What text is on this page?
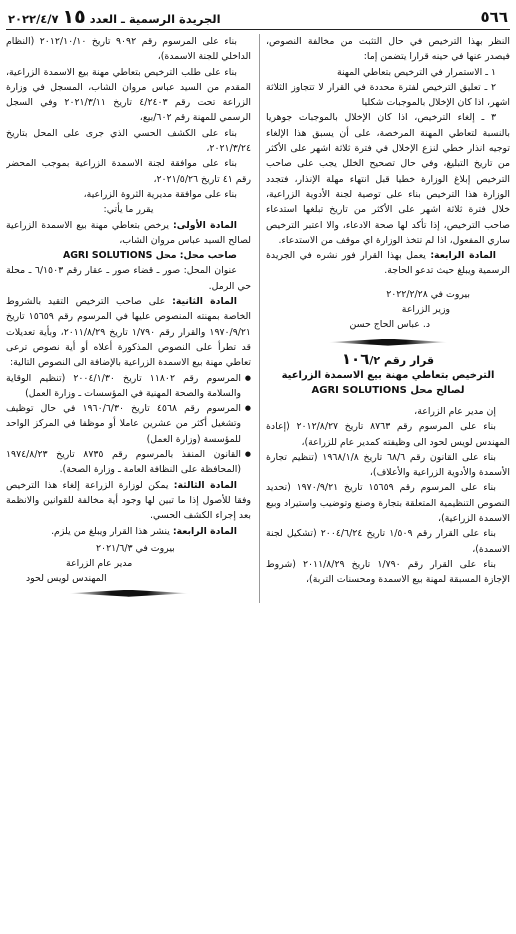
٥٦٦
الجريدة الرسمية ـ العدد
١٥
٢٠٢٢/٤/٧

النظر بهذا الترخيص في حال التثبت من مخالفة النصوص، فيصدر عنها في حينه قرارا يتضمن إما:

١ ـ الاستمرار في الترخيص بتعاطي المهنة

٢ ـ تعليق الترخيص لفترة محددة في القرار لا تتجاوز الثلاثة اشهر، اذا كان الإخلال بالموجبات شكليا

٣ ـ إلغاء الترخيص، اذا كان الإخلال بالموجبات جوهريا بالنسبة لتعاطي المهنة المرخصة، على أن يسبق هذا الإلغاء توجيه انذار خطي لنزع الإخلال في فترة ثلاثة اشهر على الأكثر من تاريخ التبليغ، وفي حال تصحيح الخلل يجب على صاحب الترخيص إبلاغ الوزارة خطيا قبل انتهاء مهلة الإنذار، فتجدد الوزارة هذا الترخيص بناء على توصية لجنة الأدوية الزراعية، خلال فترة ثلاثة اشهر على الأكثر من تاريخ تبلغها استدعاء صاحب الترخيص، إذا تأكد لها صحة الادعاء، والا اعتبر الترخيص ساري المفعول، اذا لم تتخذ الوزارة اي موقف من الاستدعاء.

المادة الرابعة: يعمل بهذا القرار فور نشره في الجريدة الرسمية ويبلغ حيث تدعو الحاجة.

بيروت في ٢٠٢٢/٢/٢٨

وزير الزراعة

د. عباس الحاج حسن

قرار رقم ١٠٦/٢

الترخيص بتعاطي مهنة بيع الاسمدة الزراعية

لصالح محل AGRI SOLUTIONS

إن مدير عام الزراعة،

بناء على المرسوم رقم ٨٧٦٣ تاريخ ٢٠١٢/٨/٢٧ (إعادة المهندس لويس لحود الى وظيفته كمدير عام للزراعة)،

بناء على القانون رقم ٦٨/٦ تاريخ ١٩٦٨/١/٨ (تنظيم تجارة الأسمدة والأدوية الزراعية والأعلاف)،

بناء على المرسوم رقم ١٥٦٥٩ تاريخ ١٩٧٠/٩/٢١ (تحديد النصوص التنظيمية المتعلقة بتجارة وصنع وتوضيب واستيراد وبيع الاسمدة الزراعية)،

بناء على القرار رقم ١/٥٠٩ تاريخ ٢٠٠٤/٦/٢٤ (تشكيل لجنة الاسمدة)،

بناء على القرار رقم ١/٧٩٠ تاريخ ٢٠١١/٨/٢٩ (شروط الإجازة المسبقة لمهنة بيع الاسمدة ومحسنات التربة)،

بناء على المرسوم رقم ٩٠٩٢ تاريخ ٢٠١٢/١٠/١٠ (النظام الداخلي للجنة الاسمدة)،

بناء على طلب الترخيص بتعاطي مهنة بيع الاسمدة الزراعية، المقدم من السيد عباس مروان الشاب، المسجل في وزارة الزراعة تحت رقم ٤/٢٤٠٣ تاريخ ٢٠٢١/٣/١١ وفي السجل الرسمي للمهنة رقم ٦٠٢/بيع،

بناء على الكشف الحسي الذي جرى على المحل بتاريخ ٢٠٢١/٣/٢٤،

بناء على موافقة لجنة الاسمدة الزراعية بموجب المحضر رقم ٤١ تاريخ ٢٠٢١/٥/٢٦،

بناء على موافقة مديرية الثروة الزراعية،

يقرر ما يأتي:

المادة الأولى: يرخص بتعاطي مهنة بيع الاسمدة الزراعية لصالح السيد عباس مروان الشاب،

صاحب محل: محل AGRI SOLUTIONS

عنوان المحل: صور ـ قضاء صور ـ عقار رقم ٦/١٥٠٣ ـ محلة حي الرمل.

المادة الثانية: على صاحب الترخيص التقيد بالشروط الخاصة بمهنته المنصوص عليها في المرسوم رقم ١٥٦٥٩ تاريخ ١٩٧٠/٩/٢١ والقرار رقم ١/٧٩٠ تاريخ ٢٠١١/٨/٢٩، وبأية تعديلات قد تطرأ على النصوص المذكورة أعلاه أو أية نصوص ترعى تعاطي مهنة بيع الاسمدة الزراعية بالإضافة الى النصوص التالية:

● المرسوم رقم ١١٨٠٢ تاريخ ٢٠٠٤/١/٣٠ (تنظيم الوقاية والسلامة والصحة المهنية في المؤسسات ـ وزارة العمل)

● المرسوم رقم ٤٥٦٨ تاريخ ١٩٦٠/٦/٣٠ في حال توظيف وتشغيل أكثر من عشرين عاملا أو موظفا في المركز الواحد للمؤسسة (وزارة العمل)

● القانون المنفذ بالمرسوم رقم ٨٧٣٥ تاريخ ١٩٧٤/٨/٢٣ (المحافظة على النظافة العامة ـ وزارة الصحة).

المادة الثالثة: يمكن لوزارة الزراعة إلغاء هذا الترخيص وفقا للأصول إذا ما تبين لها وجود أية مخالفة للقوانين والانظمة بعد إجراء الكشف الحسي.

المادة الرابعة: ينشر هذا القرار ويبلغ من يلزم.

بيروت في ٢٠٢١/٦/٣

مدير عام الزراعة

المهندس لويس لحود
